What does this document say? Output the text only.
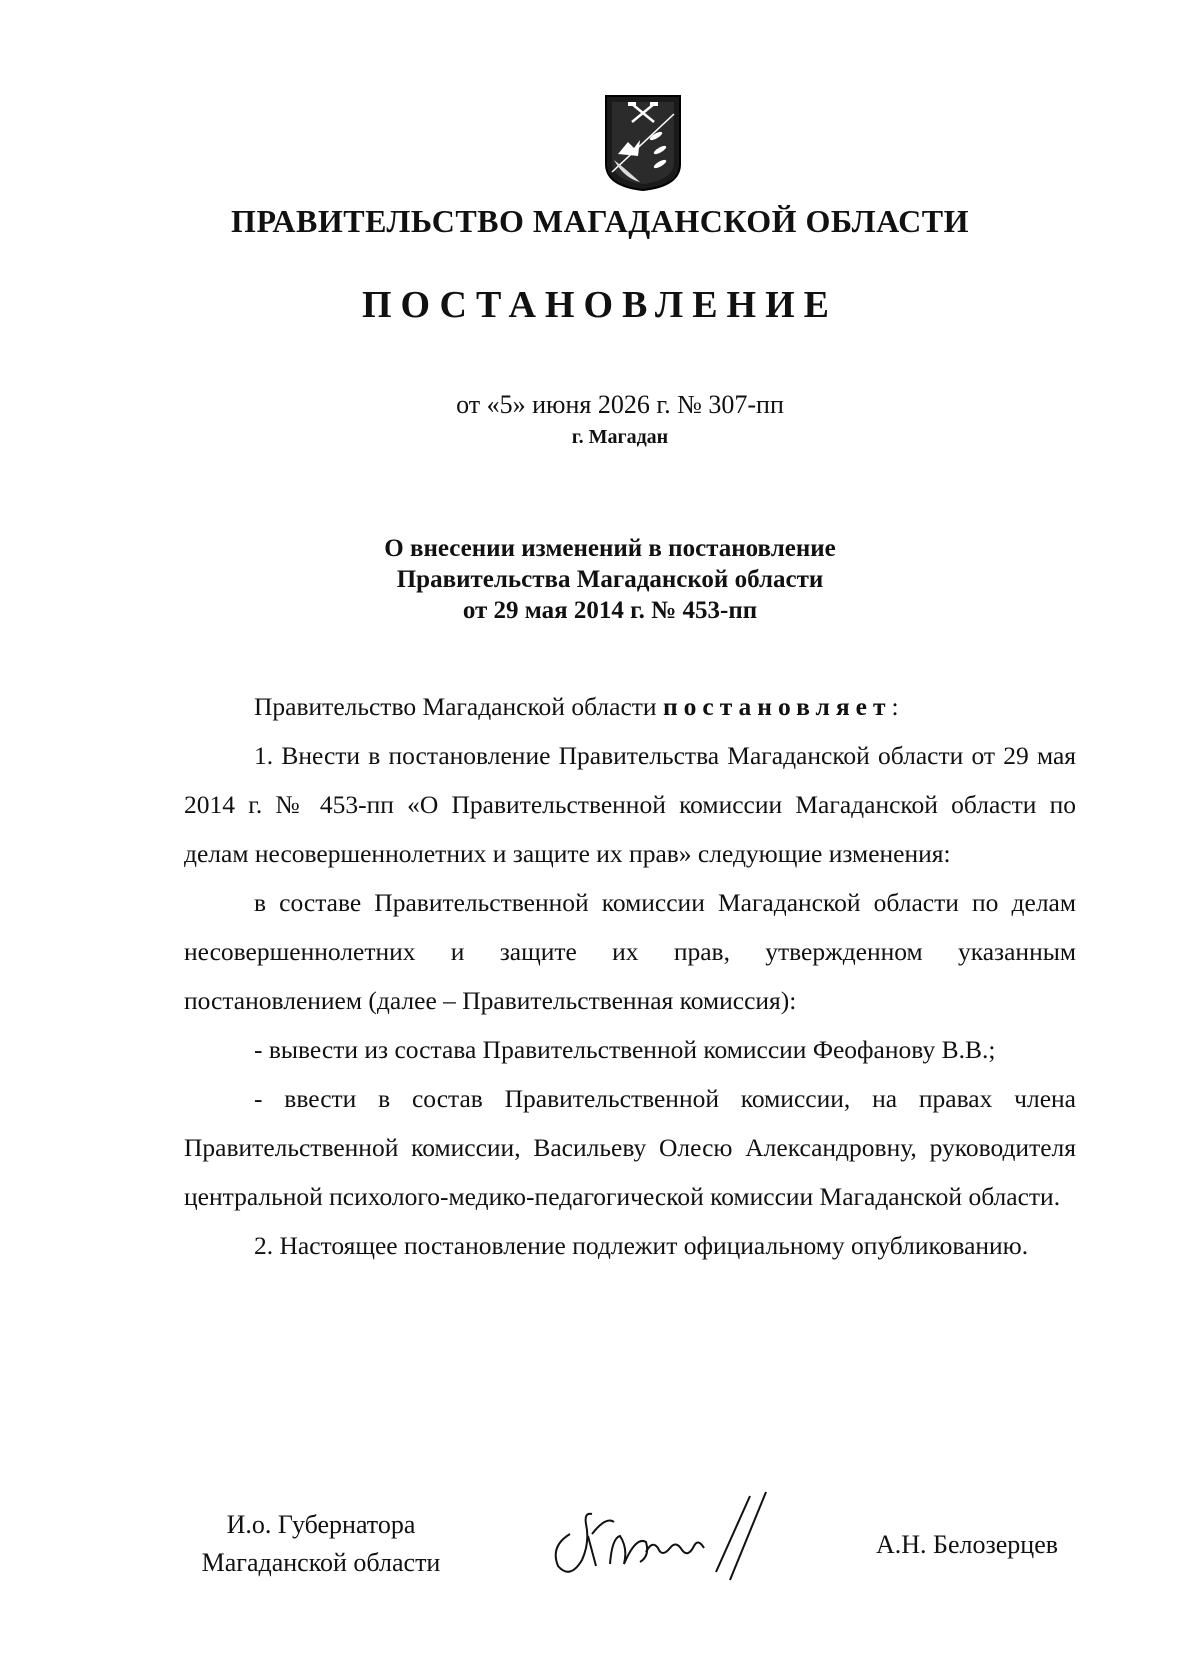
ПРАВИТЕЛЬСТВО МАГАДАНСКОЙ ОБЛАСТИ
ПОСТАНОВЛЕНИЕ
от «5» июня 2026 г. № 307-пп
г. Магадан
О внесении изменений в постановление
Правительства Магаданской области
от 29 мая 2014 г. № 453-пп

Правительство Магаданской области постановляет:

1. Внести в постановление Правительства Магаданской области от 29 мая 2014 г. № 453-пп «О Правительственной комиссии Магаданской области по делам несовершеннолетних и защите их прав» следующие изменения:

в составе Правительственной комиссии Магаданской области по делам несовершеннолетних и защите их прав, утвержденном указанным постановлением (далее – Правительственная комиссия):

- вывести из состава Правительственной комиссии Феофанову В.В.;

- ввести в состав Правительственной комиссии, на правах члена Правительственной комиссии, Васильеву Олесю Александровну, руководителя центральной психолого-медико-педагогической комиссии Магаданской области.

2. Настоящее постановление подлежит официальному опубликованию.

И.о. Губернатора
Магаданской области
А.Н. Белозерцев
